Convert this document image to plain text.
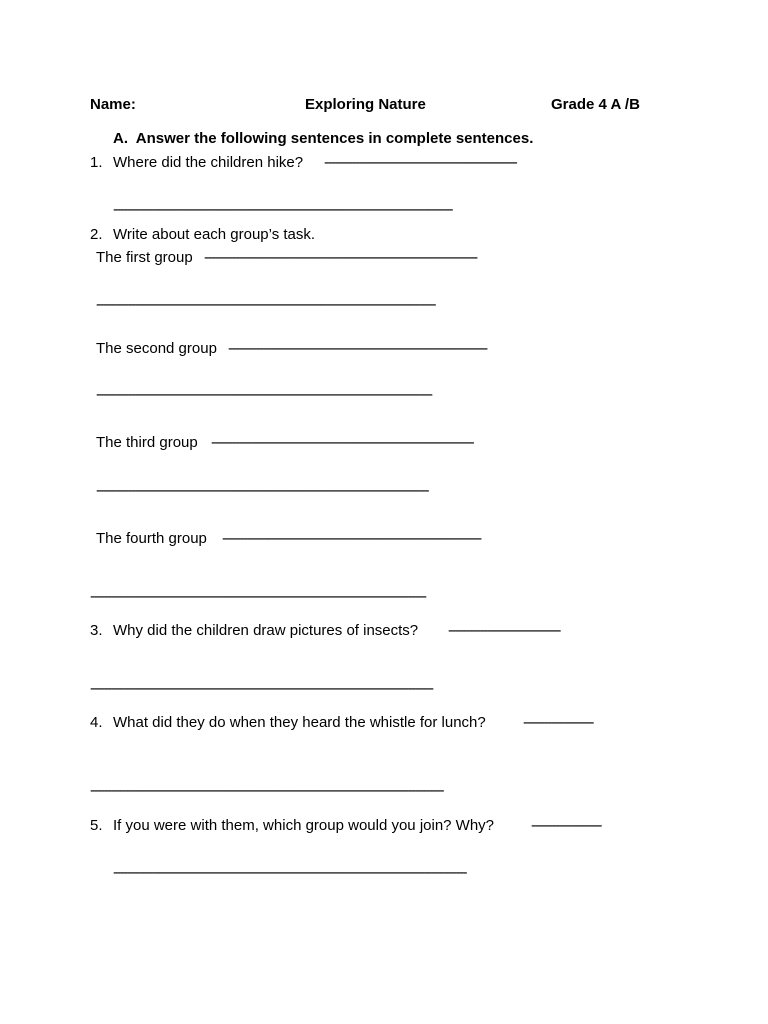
Name:	Exploring Nature	Grade 4 A /B
A.  Answer the following sentences in complete sentences.
1. Where did the children hike? -------------------------------------------------------
-------------------------------------------------------------------------------------------------
2. Write about each group’s task.
The first group ------------------------------------------------------------------------------
-------------------------------------------------------------------------------------------------
The second group --------------------------------------------------------------------------
------------------------------------------------------------------------------------------------
The third group ---------------------------------------------------------------------------
-----------------------------------------------------------------------------------------------
The fourth group --------------------------------------------------------------------------
------------------------------------------------------------------------------------------------
3. Why did the children draw pictures of insects? --------------------------------
--------------------------------------------------------------------------------------------------
4. What did they do when they heard the whistle for lunch? --------------------
-----------------------------------------------------------------------------------------------------
5. If you were with them, which group would you join? Why? --------------------
-----------------------------------------------------------------------------------------------------
